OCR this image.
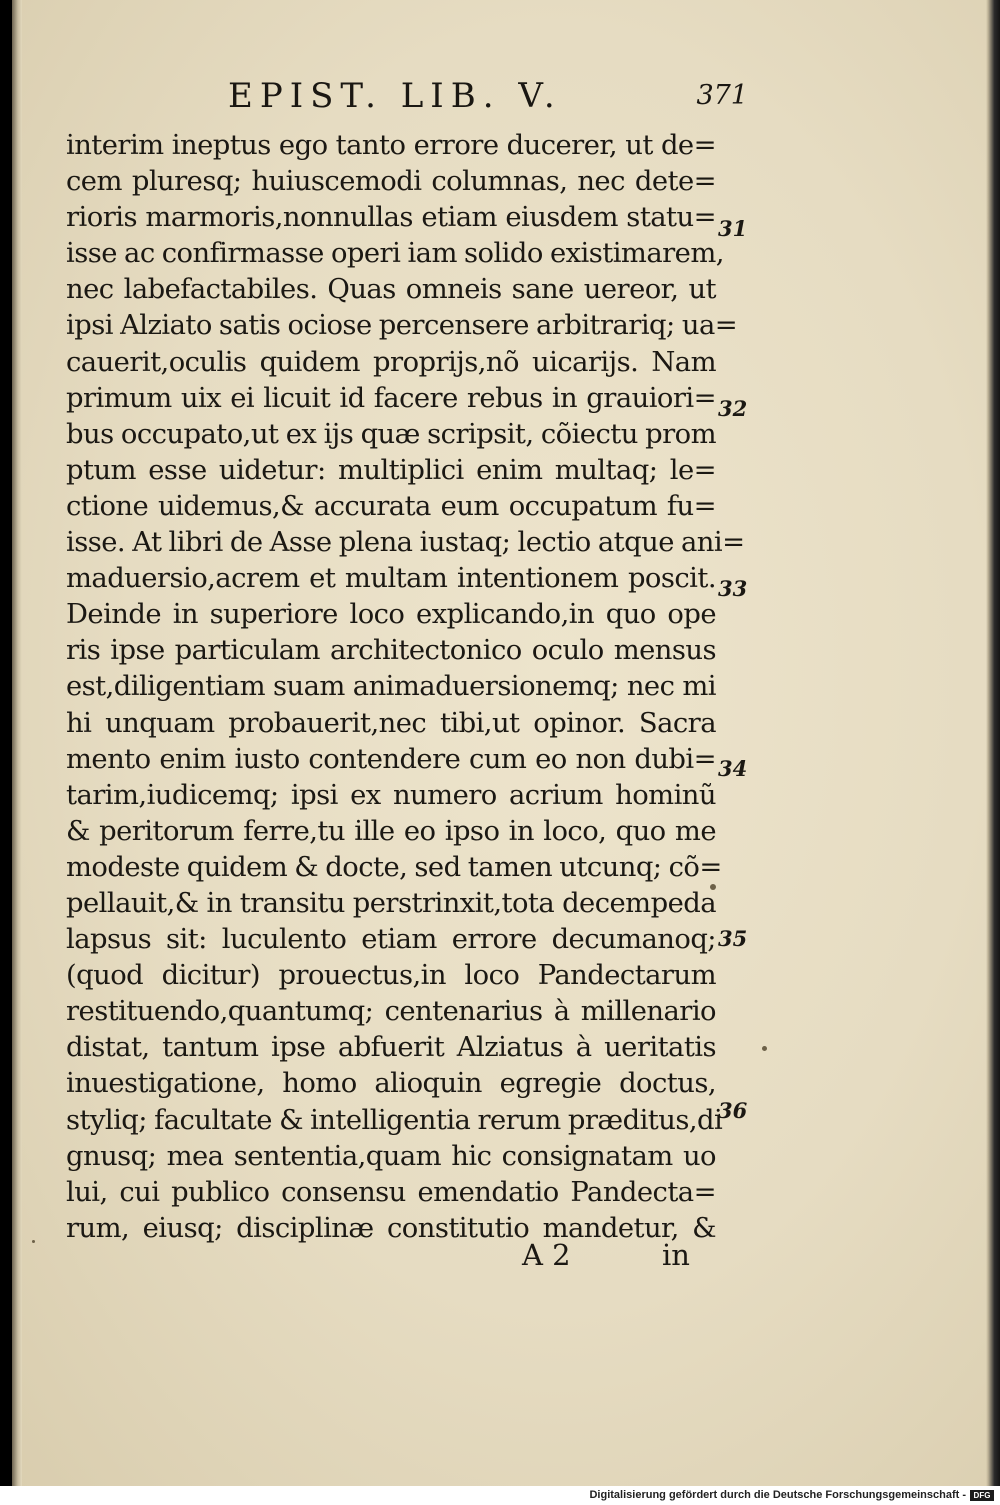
EPIST. LIB. V.	371
interim ineptus ego tanto errore ducerer, ut de=
cem pluresq; huiuscemodi columnas, nec dete=
rioris marmoris,nonnullas etiam eiusdem statu=
isse ac confirmasse operi iam solido existimarem,
nec labefactabiles. Quas omneis sane uereor, ut
ipsi Alziato satis ociose percensere arbitrariq; ua=
cauerit,oculis quidem proprijs,nõ uicarijs. Nam
primum uix ei licuit id facere rebus in grauiori=
bus occupato,ut ex ijs quæ scripsit, cõiectu prom
ptum esse uidetur: multiplici enim multaq; le=
ctione uidemus,& accurata eum occupatum fu=
isse. At libri de Asse plena iustaq; lectio atque ani=
maduersio,acrem et multam intentionem poscit.
Deinde in superiore loco explicando,in quo ope
ris ipse particulam architectonico oculo mensus
est,diligentiam suam animaduersionemq; nec mi
hi unquam probauerit,nec tibi,ut opinor. Sacra
mento enim iusto contendere cum eo non dubi=
tarim,iudicemq; ipsi ex numero acrium hominũ
& peritorum ferre,tu ille eo ipso in loco, quo me
modeste quidem & docte, sed tamen utcunq; cõ=
pellauit,& in transitu perstrinxit,tota decempeda
lapsus sit: luculento etiam errore decumanoq;
(quod dicitur) prouectus,in loco Pandectarum
restituendo,quantumq; centenarius à millenario
distat, tantum ipse abfuerit Alziatus à ueritatis
inuestigatione, homo alioquin egregie doctus,
styliq; facultate & intelligentia rerum præditus,di
gnusq; mea sententia,quam hic consignatam uo
lui, cui publico consensu emendatio Pandecta=
rum, eiusq; disciplinæ constitutio mandetur, &
31
32
33
34
35
36
A 2	in
Digitalisierung gefördert durch die Deutsche Forschungsgemeinschaft - DFG
